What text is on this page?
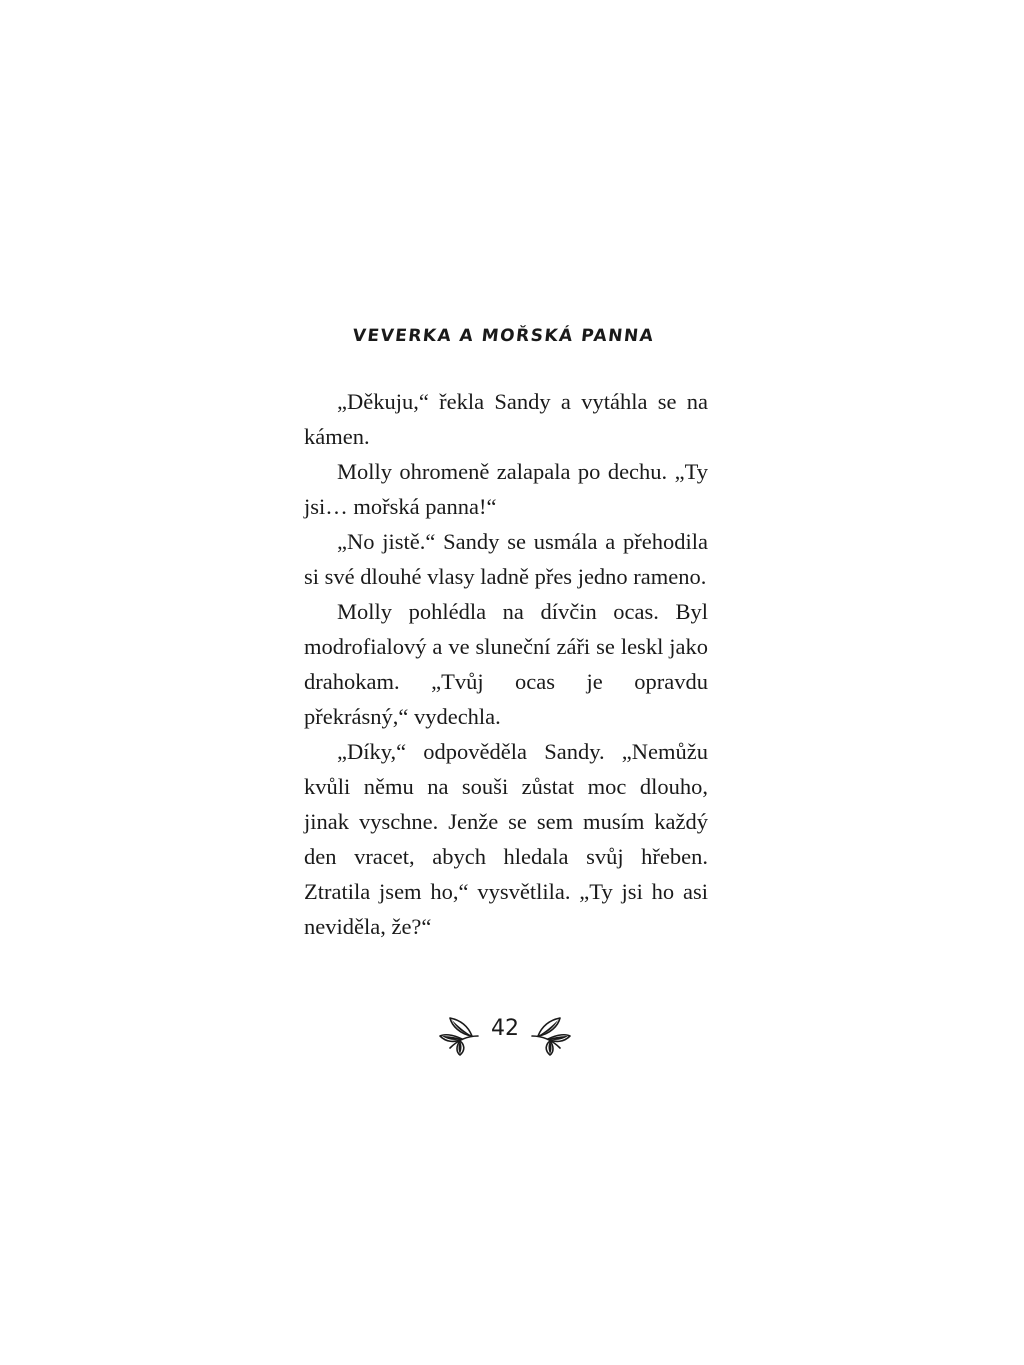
VEVERKA A MOŘSKÁ PANNA

„Děkuju,“ řekla Sandy a vytáhla se na kámen.

Molly ohromeně zalapala po dechu. „Ty jsi… mořská panna!“

„No jistě.“ Sandy se usmála a přehodila si své dlouhé vlasy ladně přes jedno rameno.

Molly pohlédla na dívčin ocas. Byl modrofialový a ve sluneční záři se leskl jako drahokam. „Tvůj ocas je opravdu překrásný,“ vydechla.

„Díky,“ odpověděla Sandy. „Nemůžu kvůli němu na souši zůstat moc dlouho, jinak vyschne. Jenže se sem musím každý den vracet, abych hledala svůj hřeben. Ztratila jsem ho,“ vysvětlila. „Ty jsi ho asi neviděla, že?“

42
